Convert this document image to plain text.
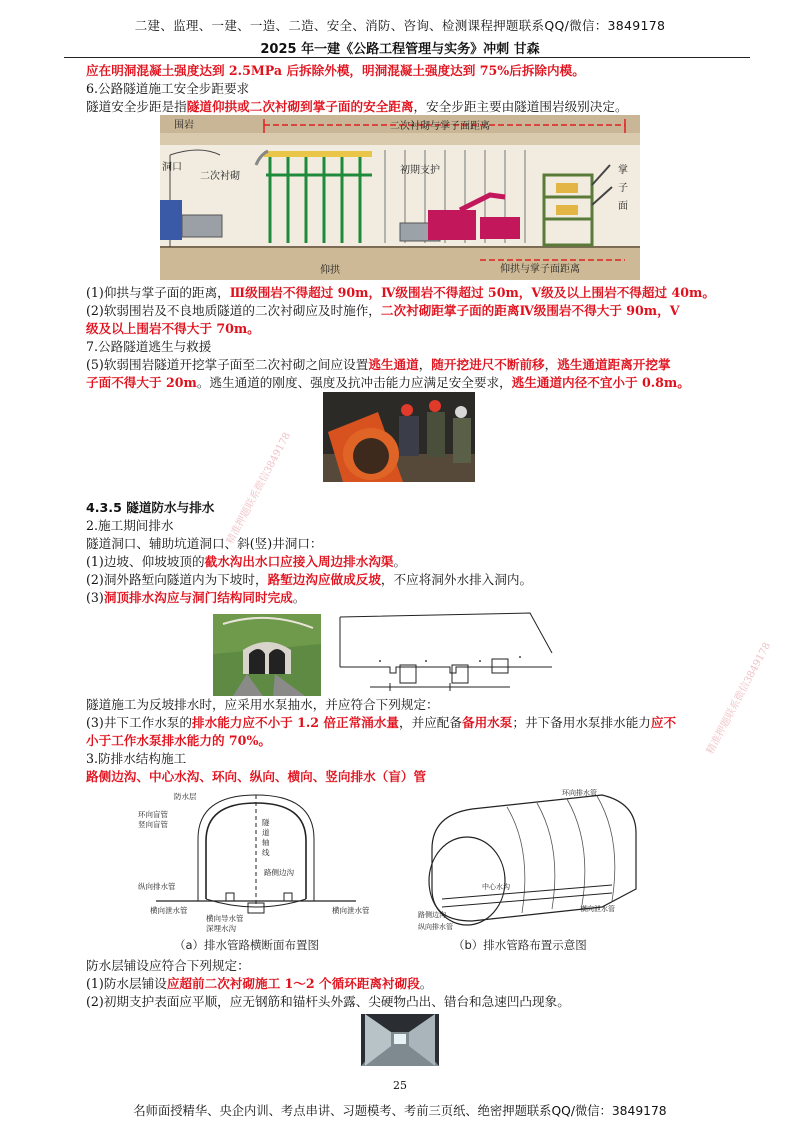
二建、监理、一建、一造、二造、安全、消防、咨询、检测课程押题联系QQ/微信：3849178
2025 年一建《公路工程管理与实务》冲刺 甘森
应在明洞混凝土强度达到 2.5MPa 后拆除外模，明洞混凝土强度达到 75%后拆除内模。
6.公路隧道施工安全步距要求
隧道安全步距是指隧道仰拱或二次衬砌到掌子面的安全距离，安全步距主要由隧道围岩级别决定。
围岩	二次衬砌与掌子面距离
洞口
二次衬砌
初期支护	掌
子
面
仰拱	仰拱与掌子面距离
(1)仰拱与掌子面的距离，Ⅲ级围岩不得超过 90m，Ⅳ级围岩不得超过 50m，Ⅴ级及以上围岩不得超过 40m。
(2)软弱围岩及不良地质隧道的二次衬砌应及时施作，二次衬砌距掌子面的距离Ⅳ级围岩不得大于 90m，Ⅴ
级及以上围岩不得大于 70m。
7.公路隧道逃生与救援
(5)软弱围岩隧道开挖掌子面至二次衬砌之间应设置逃生通道，随开挖进尺不断前移，逃生通道距离开挖掌
子面不得大于 20m。逃生通道的刚度、强度及抗冲击能力应满足安全要求，逃生通道内径不宜小于 0.8m。
4.3.5 隧道防水与排水
2.施工期间排水
隧道洞口、辅助坑道洞口、斜(竖)井洞口：
(1)边坡、仰坡坡顶的截水沟出水口应接入周边排水沟渠。
(2)洞外路堑向隧道内为下坡时，路堑边沟应做成反坡，不应将洞外水排入洞内。
(3)洞顶排水沟应与洞门结构同时完成。
隧道施工为反坡排水时，应采用水泵抽水，并应符合下列规定：
(3)井下工作水泵的排水能力应不小于 1.2 倍正常涌水量，并应配备备用水泵；井下备用水泵排水能力应不
小于工作水泵排水能力的 70%。
3.防排水结构施工
路侧边沟、中心水沟、环向、纵向、横向、竖向排水（盲）管
防水层
环向盲管
竖向盲管	隧
道
轴
线
路侧边沟
纵向排水管
横向泄水管
横向导水管
深埋水沟
横向泄水管
（a）排水管路横断面布置图
环向排水管
中心水沟
路侧边沟
纵向排水管
横向泄水管
（b）排水管路布置示意图
防水层铺设应符合下列规定：
(1)防水层铺设应超前二次衬砌施工 1～2 个循环距离衬砌段。
(2)初期支护表面应平顺，应无钢筋和锚杆头外露、尖硬物凸出、错台和急速凹凸现象。
精准押题联系微信3849178
精准押题联系微信3849178
25
名师面授精华、央企内训、考点串讲、习题模考、考前三页纸、绝密押题联系QQ/微信：3849178
